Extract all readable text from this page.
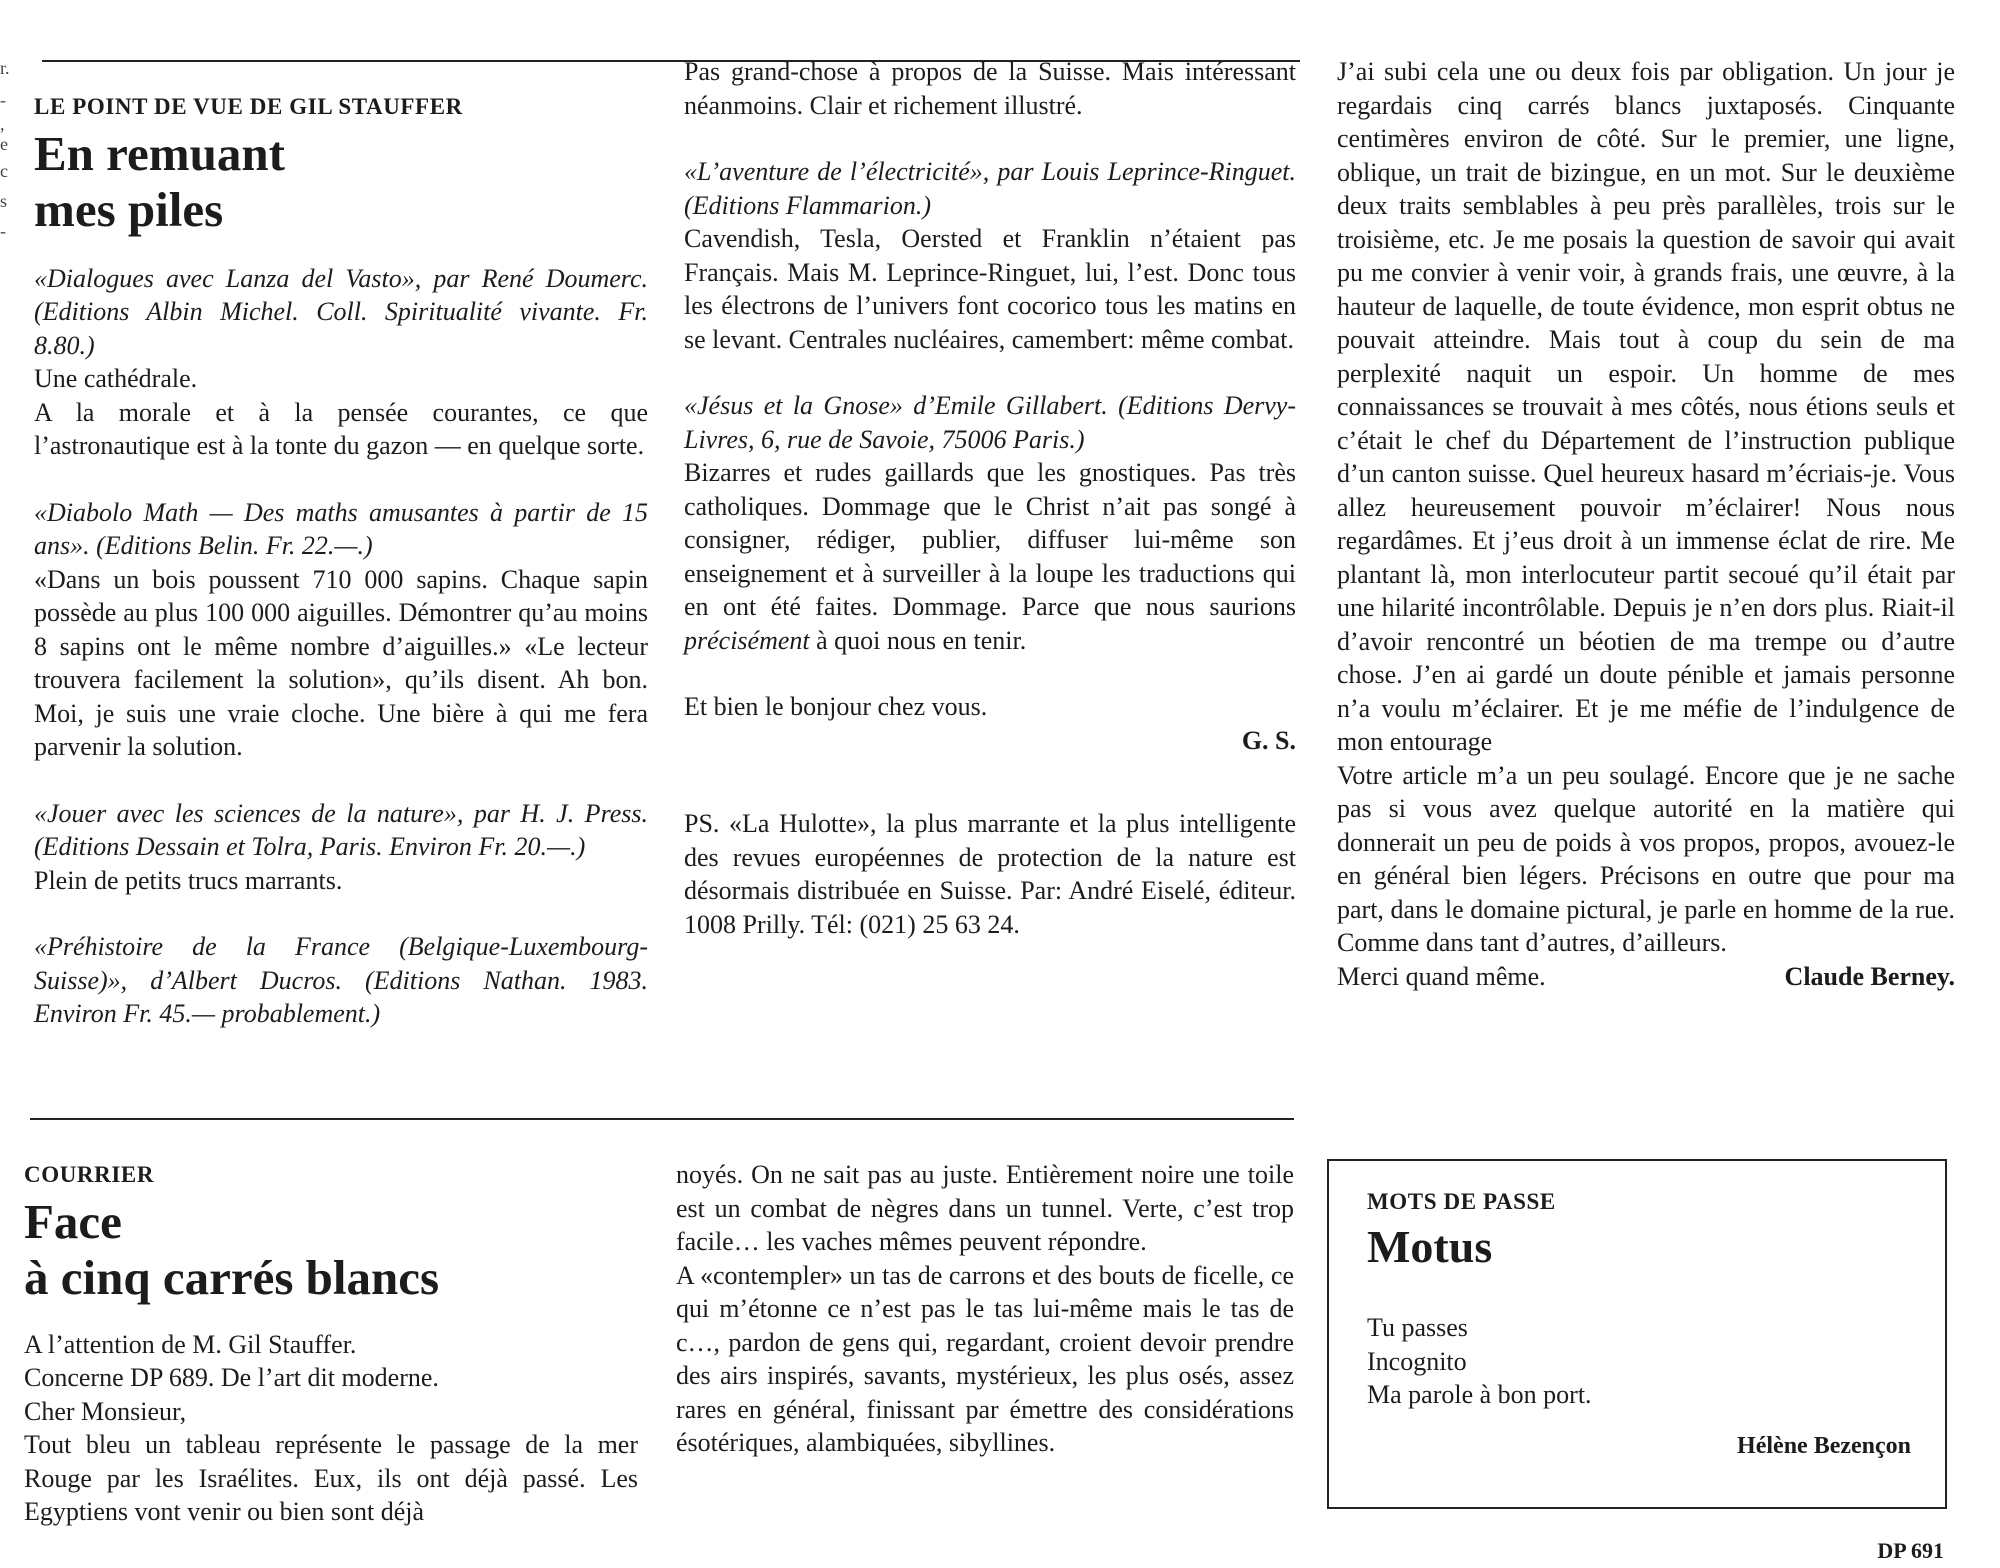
r.
-
,
e
c
s
-
LE POINT DE VUE DE GIL STAUFFER
En remuant
mes piles

«Dialogues avec Lanza del Vasto», par René Doumerc. (Editions Albin Michel. Coll. Spiritualité vivante. Fr. 8.80.)

Une cathédrale.

A la morale et à la pensée courantes, ce que l’astronautique est à la tonte du gazon — en quelque sorte.

«Diabolo Math — Des maths amusantes à partir de 15 ans». (Editions Belin. Fr. 22.—.)

«Dans un bois poussent 710 000 sapins. Chaque sapin possède au plus 100 000 aiguilles. Démontrer qu’au moins 8 sapins ont le même nombre d’aiguilles.» «Le lecteur trouvera facilement la solution», qu’ils disent. Ah bon. Moi, je suis une vraie cloche. Une bière à qui me fera parvenir la solution.

«Jouer avec les sciences de la nature», par H. J. Press. (Editions Dessain et Tolra, Paris. Environ Fr. 20.—.)

Plein de petits trucs marrants.

«Préhistoire de la France (Belgique-Luxembourg-Suisse)», d’Albert Ducros. (Editions Nathan. 1983. Environ Fr. 45.— probablement.)

Pas grand-chose à propos de la Suisse. Mais intéressant néanmoins. Clair et richement illustré.

«L’aventure de l’électricité», par Louis Leprince-Ringuet. (Editions Flammarion.)

Cavendish, Tesla, Oersted et Franklin n’étaient pas Français. Mais M. Leprince-Ringuet, lui, l’est. Donc tous les électrons de l’univers font cocorico tous les matins en se levant. Centrales nucléaires, camembert: même combat.

«Jésus et la Gnose» d’Emile Gillabert. (Editions Dervy-Livres, 6, rue de Savoie, 75006 Paris.)

Bizarres et rudes gaillards que les gnostiques. Pas très catholiques. Dommage que le Christ n’ait pas songé à consigner, rédiger, publier, diffuser lui-même son enseignement et à surveiller à la loupe les traductions qui en ont été faites. Dommage. Parce que nous saurions précisément à quoi nous en tenir.

Et bien le bonjour chez vous.

G. S.

PS. «La Hulotte», la plus marrante et la plus intelligente des revues européennes de protection de la nature est désormais distribuée en Suisse. Par: André Eiselé, éditeur. 1008 Prilly. Tél: (021) 25 63 24.

J’ai subi cela une ou deux fois par obligation. Un jour je regardais cinq carrés blancs juxtaposés. Cinquante centimères environ de côté. Sur le premier, une ligne, oblique, un trait de bizingue, en un mot. Sur le deuxième deux traits semblables à peu près parallèles, trois sur le troisième, etc. Je me posais la question de savoir qui avait pu me convier à venir voir, à grands frais, une œuvre, à la hauteur de laquelle, de toute évidence, mon esprit obtus ne pouvait atteindre. Mais tout à coup du sein de ma perplexité naquit un espoir. Un homme de mes connaissances se trouvait à mes côtés, nous étions seuls et c’était le chef du Département de l’instruction publique d’un canton suisse. Quel heureux hasard m’écriais-je. Vous allez heureusement pouvoir m’éclairer! Nous nous regardâmes. Et j’eus droit à un immense éclat de rire. Me plantant là, mon interlocuteur partit secoué qu’il était par une hilarité incontrôlable. Depuis je n’en dors plus. Riait-il d’avoir rencontré un béotien de ma trempe ou d’autre chose. J’en ai gardé un doute pénible et jamais personne n’a voulu m’éclairer. Et je me méfie de l’indulgence de mon entourage

Votre article m’a un peu soulagé. Encore que je ne sache pas si vous avez quelque autorité en la matière qui donnerait un peu de poids à vos propos, propos, avouez-le en général bien légers. Précisons en outre que pour ma part, dans le domaine pictural, je parle en homme de la rue. Comme dans tant d’autres, d’ailleurs.

Merci quand même.	Claude Berney.

COURRIER
Face
à cinq carrés blancs

A l’attention de M. Gil Stauffer.

Concerne DP 689. De l’art dit moderne.

Cher Monsieur,

Tout bleu un tableau représente le passage de la mer Rouge par les Israélites. Eux, ils ont déjà passé. Les Egyptiens vont venir ou bien sont déjà

noyés. On ne sait pas au juste. Entièrement noire une toile est un combat de nègres dans un tunnel. Verte, c’est trop facile… les vaches mêmes peuvent répondre.

A «contempler» un tas de carrons et des bouts de ficelle, ce qui m’étonne ce n’est pas le tas lui-même mais le tas de c…, pardon de gens qui, regardant, croient devoir prendre des airs inspirés, savants, mystérieux, les plus osés, assez rares en général, finissant par émettre des considérations ésotériques, alambiquées, sibyllines.

MOTS DE PASSE
Motus

Tu passes

Incognito

Ma parole à bon port.

Hélène Bezençon

DP 691
